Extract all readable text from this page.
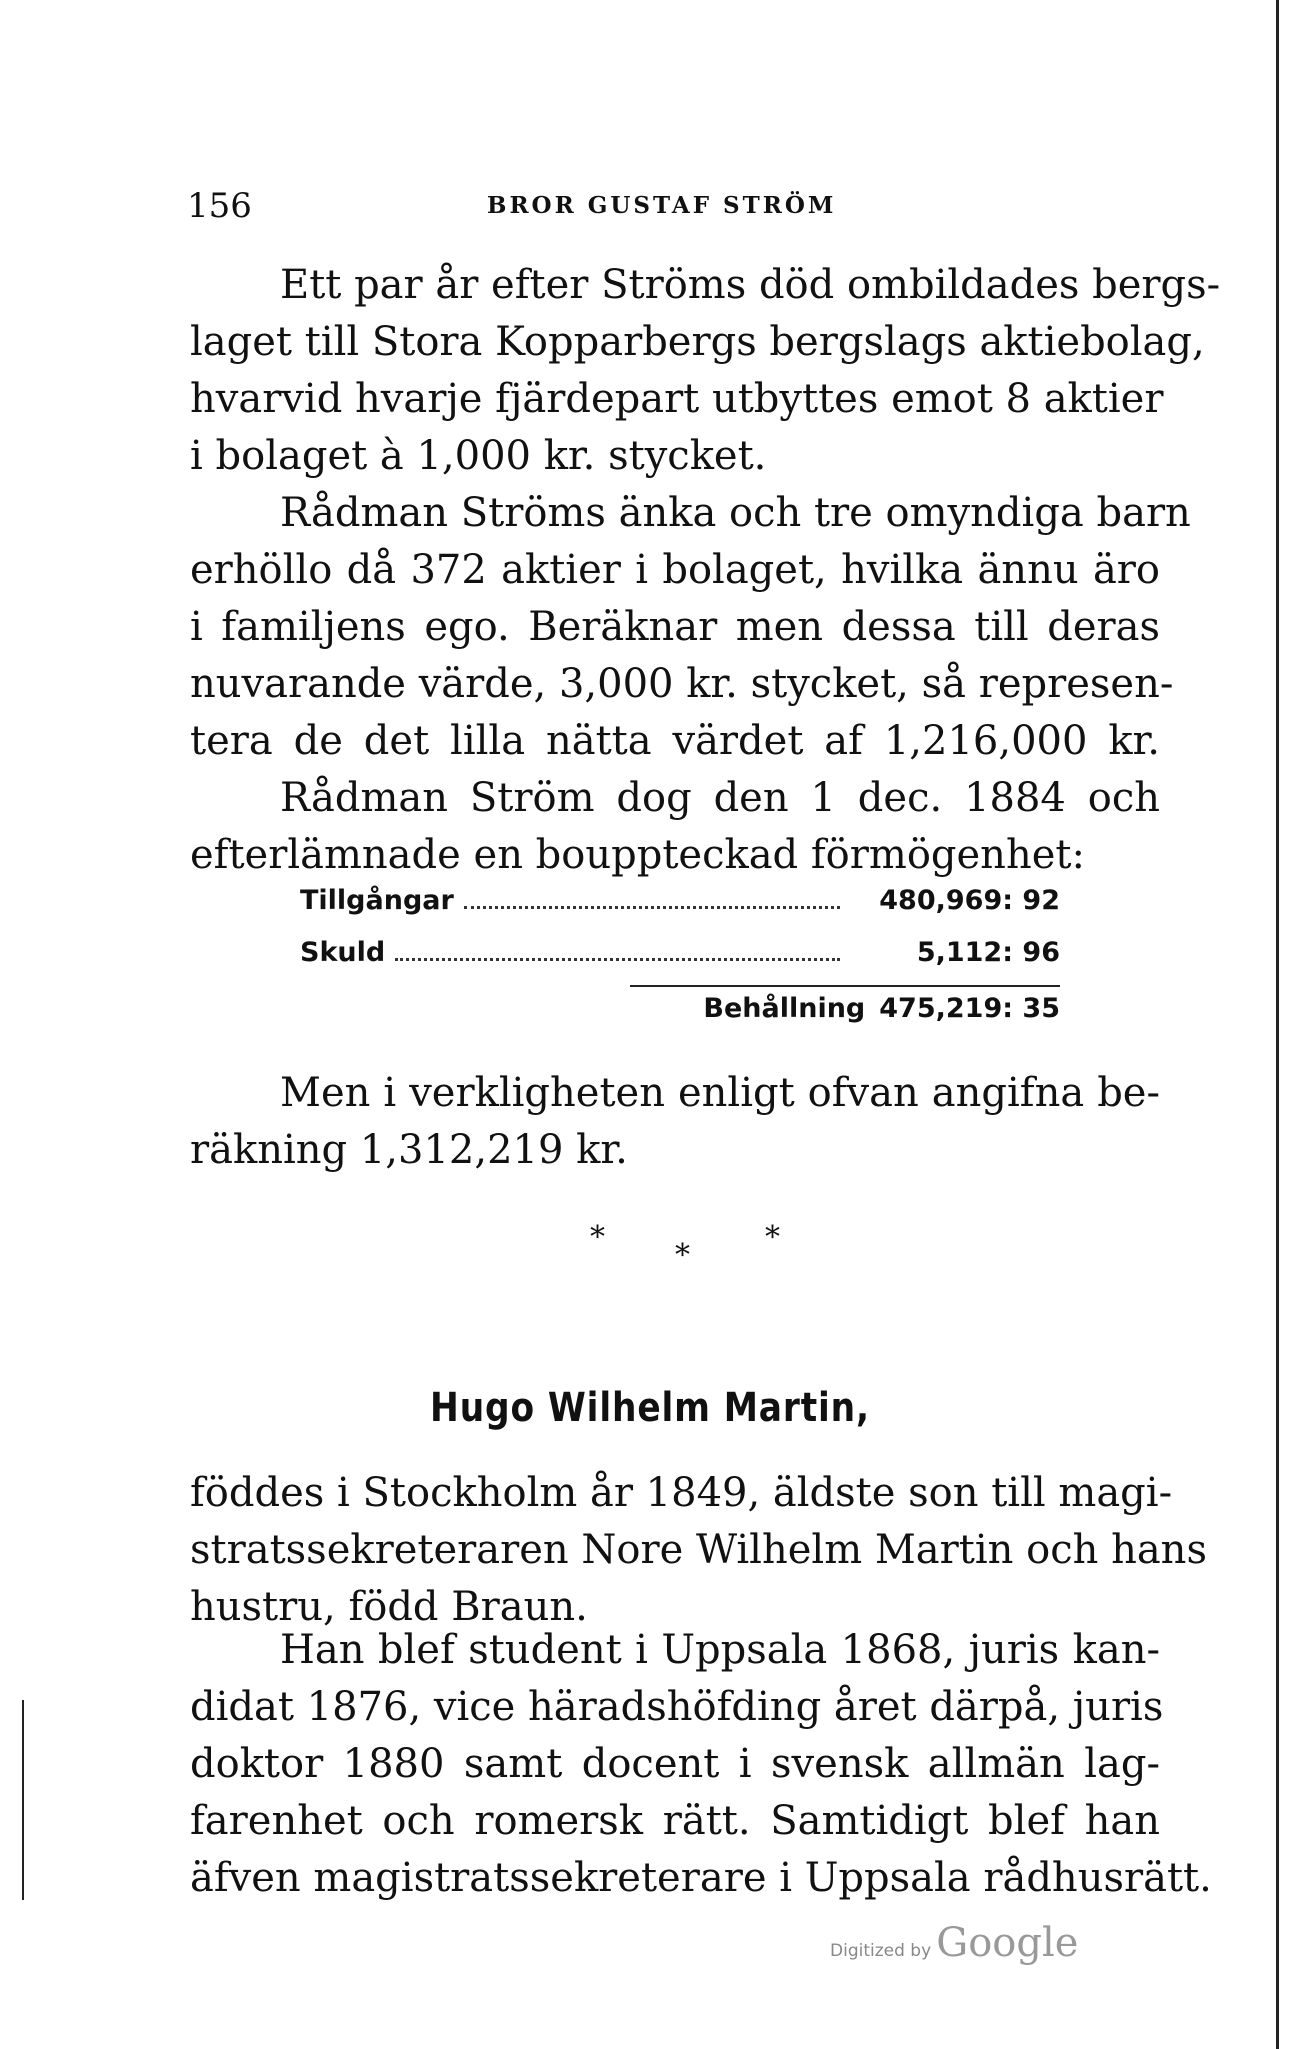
156	BROR GUSTAF STRÖM
Ett par år efter Ströms död ombildades bergs-
laget till Stora Kopparbergs bergslags aktiebolag,
hvarvid hvarje fjärdepart utbyttes emot 8 aktier
i bolaget à 1,000 kr. stycket.
Rådman Ströms änka och tre omyndiga barn
erhöllo då 372 aktier i bolaget, hvilka ännu äro
i familjens ego. Beräknar men dessa till deras
nuvarande värde, 3,000 kr. stycket, så represen-
tera de det lilla nätta värdet af 1,216,000 kr.
Rådman Ström dog den 1 dec. 1884 och
efterlämnade en bouppteckad förmögenhet:
Tillgångar	480,969: 92
Skuld	5,112: 96
Behållning 475,219: 35
Men i verkligheten enligt ofvan angifna be-
räkning 1,312,219 kr.
*
*
*
Hugo Wilhelm Martin,
föddes i Stockholm år 1849, äldste son till magi-
stratssekreteraren Nore Wilhelm Martin och hans
hustru, född Braun.
Han blef student i Uppsala 1868, juris kan-
didat 1876, vice häradshöfding året därpå, juris
doktor 1880 samt docent i svensk allmän lag-
farenhet och romersk rätt. Samtidigt blef han
äfven magistratssekreterare i Uppsala rådhusrätt.
Digitized by Google
